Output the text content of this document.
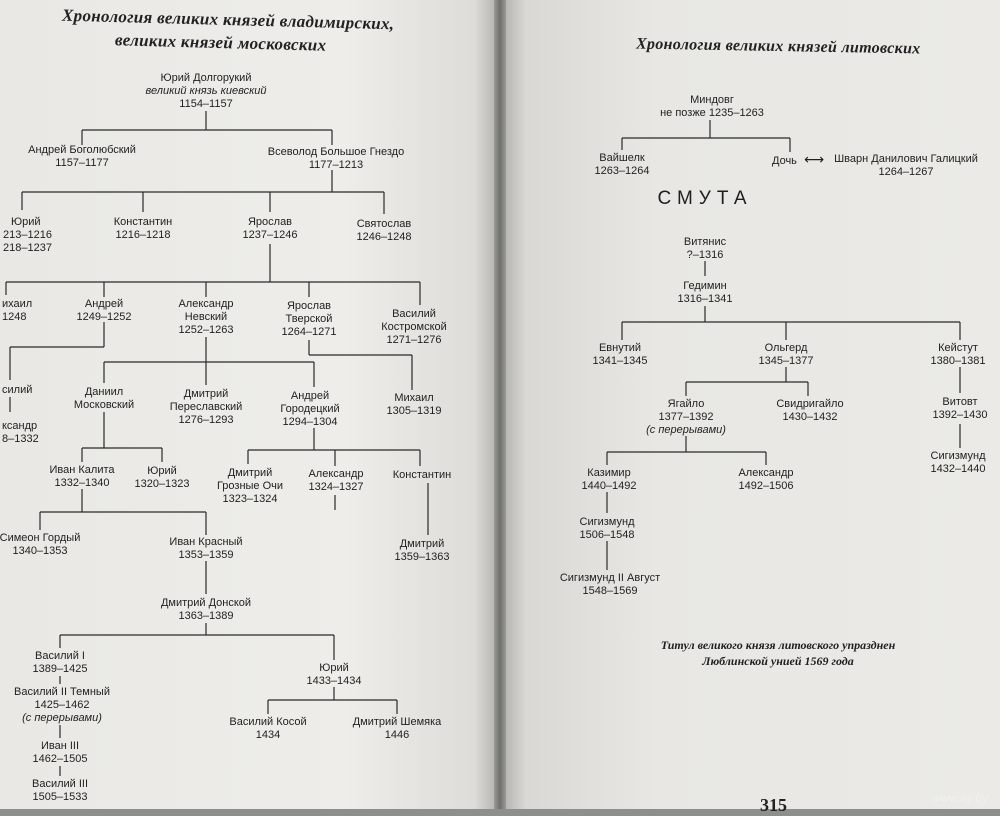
Хронология великих князей владимирских,
великих князей московских
Юрий Долгорукий
великий князь киевский
1154–1157
Андрей Боголюбский
1157–1177
Всеволод Большое Гнездо
1177–1213
Юрий
213–1216
218–1237
Константин
1216–1218
Ярослав
1237–1246
Святослав
1246–1248
ихаил
1248
Андрей
1249–1252
Александр
Невский
1252–1263
Ярослав
Тверской
1264–1271
Василий
Костромской
1271–1276
силий
ксандр
8–1332
Даниил
Московский
Дмитрий
Переславский
1276–1293
Андрей
Городецкий
1294–1304
Михаил
1305–1319
Иван Калита
1332–1340
Юрий
1320–1323
Дмитрий
Грозные Очи
1323–1324
Александр
1324–1327
Константин
Симеон Гордый
1340–1353
Иван Красный
1353–1359
Дмитрий
1359–1363
Дмитрий Донской
1363–1389
Василий I
1389–1425	Юрий
1433–1434
Василий II Темный
1425–1462
(с перерывами)	Василий Косой
1434
Дмитрий Шемяка
1446
Иван III
1462–1505
Василий III
1505–1533
Хронология великих князей литовских
Миндовг
не позже 1235–1263
Вайшелк
1263–1264
Дочь ⟷ Шварн Данилович Галицкий
1264–1267
СМУТА
Витянис
?–1316
Гедимин
1316–1341
Евнутий
1341–1345
Ольгерд
1345–1377
Кейстут
1380–1381
Ягайло
1377–1392
(с перерывами)
Свидригайло
1430–1432
Витовт
1392–1430
Сигизмунд
1432–1440
Казимир
1440–1492
Александр
1492–1506
Сигизмунд
1506–1548
Сигизмунд II Август
1548–1569
Титул великого князя литовского упразднен
Люблинской унией 1569 года
315	www.ay.by
